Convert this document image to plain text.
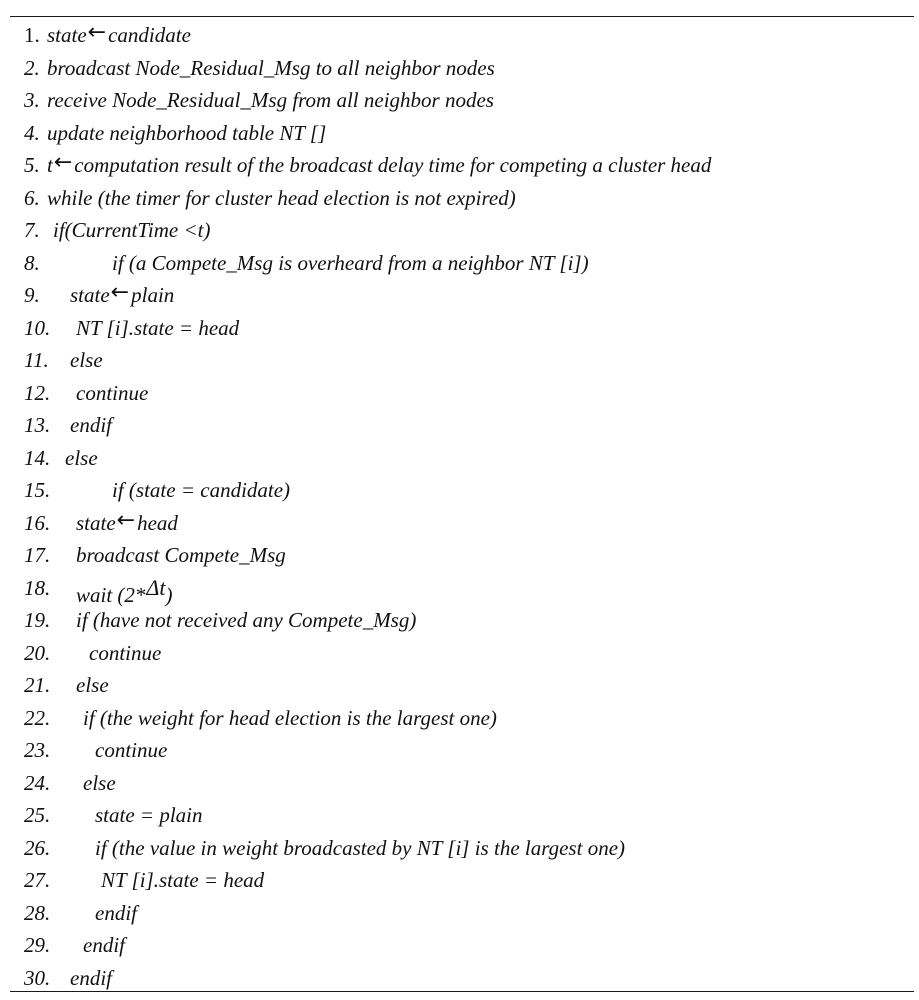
1. state←candidate
2. broadcast Node_Residual_Msg to all neighbor nodes
3. receive Node_Residual_Msg from all neighbor nodes
4. update neighborhood table NT []
5. t←computation result of the broadcast delay time for competing a cluster head
6. while (the timer for cluster head election is not expired)
7. if(CurrentTime <t)
8.	if (a Compete_Msg is overheard from a neighbor NT [i])
9. state←plain
10. NT [i].state = head
11. else
12. continue
13. endif
14. else
15.	if (state = candidate)
16. state←head
17. broadcast Compete_Msg
18. wait (2*Δt)
19. if (have not received any Compete_Msg)
20. continue
21. else
22. if (the weight for head election is the largest one)
23. continue
24. else
25. state = plain
26. if (the value in weight broadcasted by NT [i] is the largest one)
27. NT [i].state = head
28. endif
29. endif
30. endif
